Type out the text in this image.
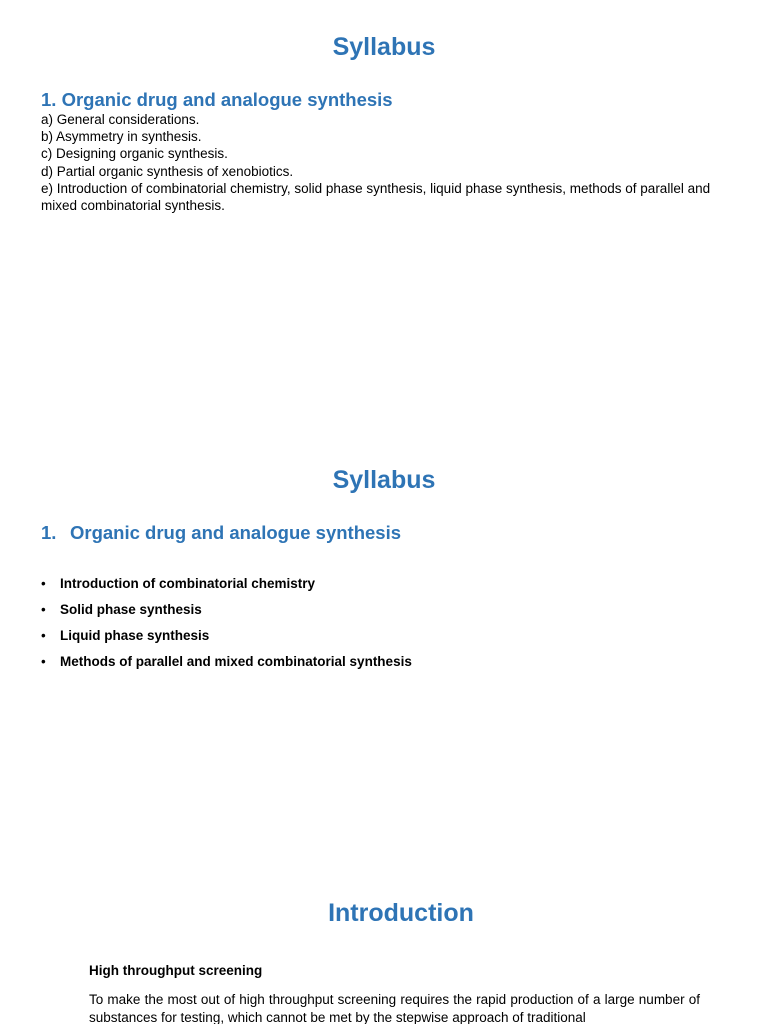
Syllabus
1. Organic drug and analogue synthesis
a) General considerations.
b) Asymmetry in synthesis.
c) Designing organic synthesis.
d) Partial organic synthesis of xenobiotics.
e) Introduction of combinatorial chemistry, solid phase synthesis, liquid phase synthesis, methods of parallel and mixed combinatorial synthesis.
Syllabus
1. Organic drug and analogue synthesis
• Introduction of combinatorial chemistry
• Solid phase synthesis
• Liquid phase synthesis
• Methods of parallel and mixed combinatorial synthesis
Introduction
High throughput screening

To make the most out of high throughput screening requires the rapid production of a large number of substances for testing, which cannot be met by the stepwise approach of traditional
